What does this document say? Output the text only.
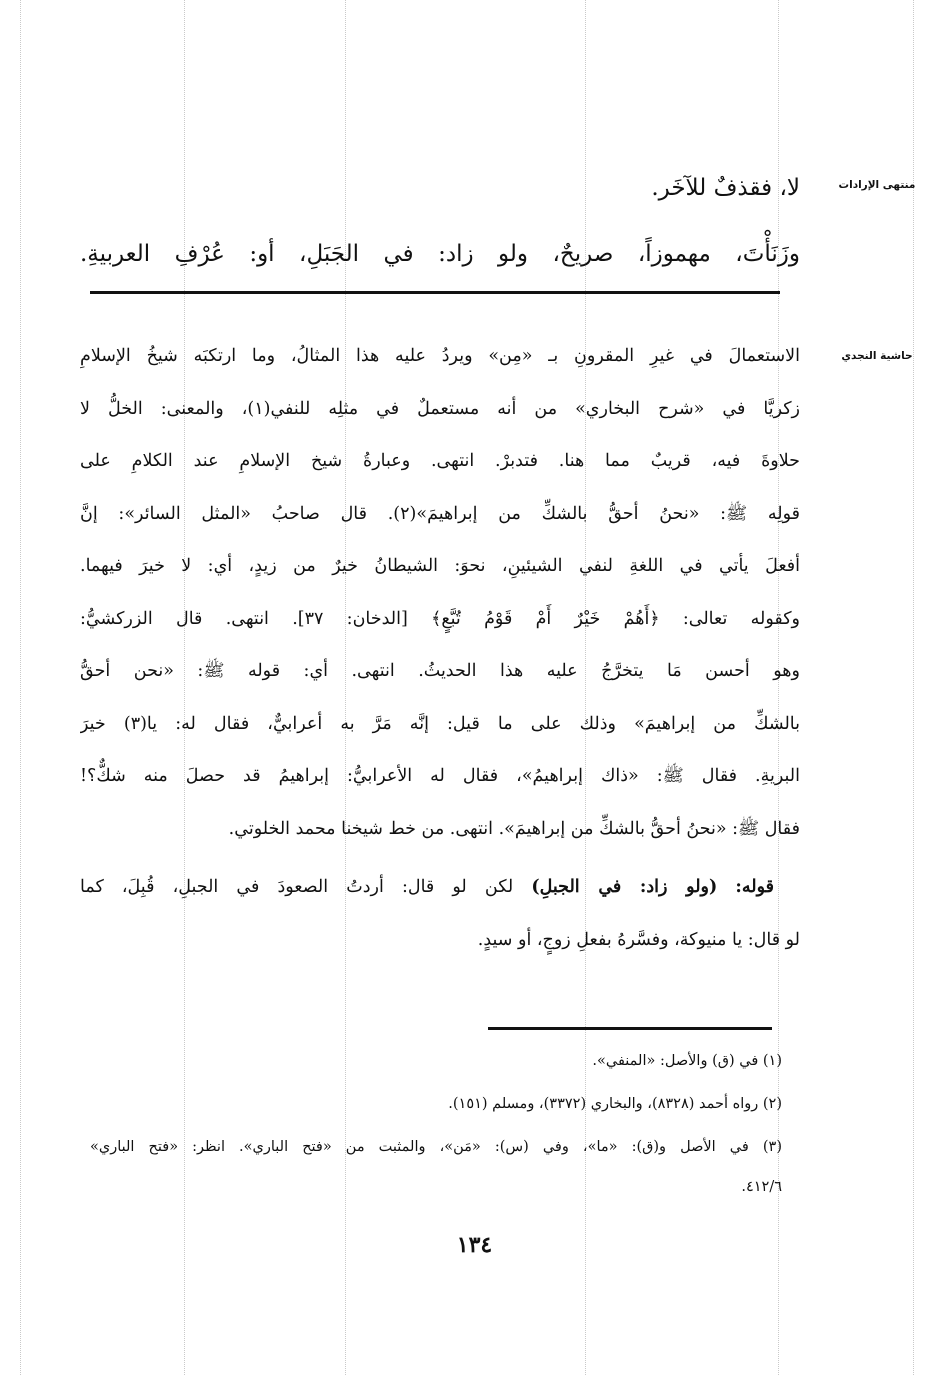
منتهى الإرادات
حاشية النجدي
لا، فقذفٌ للآخَر.
وزَنَأْتَ، مهموزاً، صريحٌ، ولو زاد: في الجَبَلِ، أو: عُرْفِ العربيةِ.
الاستعمالَ في غيرِ المقرونِ بـ «مِن» ويردُ عليه هذا المثالُ، وما ارتكبَه شيخُ الإسلامِ
زكريَّا في «شرح البخاري» من أنه مستعملٌ في مثلِه للنفي(١)، والمعنى: الخلُّ لا
حلاوةَ فيه، قريبٌ مما هنا. فتدبرْ. انتهى. وعبارةُ شيخ الإسلامِ عند الكلامِ على
قولِه ﷺ: «نحنُ أحقُّ بالشكِّ من إبراهيمَ»(٢). قال صاحبُ «المثل السائر»: إنَّ
أفعلَ يأتي في اللغةِ لنفي الشيئينِ، نحوَ: الشيطانُ خيرٌ من زيدٍ، أي: لا خيرَ فيهما.
وكقوله تعالى: ﴿أَهُمْ خَيْرٌ أَمْ قَوْمُ تُبَّعٍ﴾ [الدخان: ٣٧]. انتهى. قال الزركشيُّ:
وهو أحسن مَا يتخرَّجُ عليه هذا الحديثُ. انتهى. أي: قوله ﷺ: «نحن أحقُّ
بالشكِّ من إبراهيمَ» وذلك على ما قيل: إنَّه مَرَّ به أعرابيٌّ، فقال له: يا(٣) خيرَ
البريةِ. فقال ﷺ: «ذاك إبراهيمُ»، فقال له الأعرابيُّ: إبراهيمُ قد حصلَ منه شكٌّ؟!
فقال ﷺ: «نحنُ أحقُّ بالشكِّ من إبراهيمَ». انتهى. من خط شيخنا محمد الخلوتي.
قوله: (ولو زاد: في الجبلِ) لكن لو قال: أردتُ الصعودَ في الجبلِ، قُبِلَ، كما
لو قال: يا منيوكة، وفسَّرهُ بفعلِ زوجٍ، أو سيدٍ.
(١) في (ق) والأصل: «المنفي».
(٢) رواه أحمد (٨٣٢٨)، والبخاري (٣٣٧٢)، ومسلم (١٥١).
(٣) في الأصل و(ق): «ما»، وفي (س): «مَن»، والمثبت من «فتح الباري». انظر: «فتح الباري»
٤١٢/٦.
١٣٤
